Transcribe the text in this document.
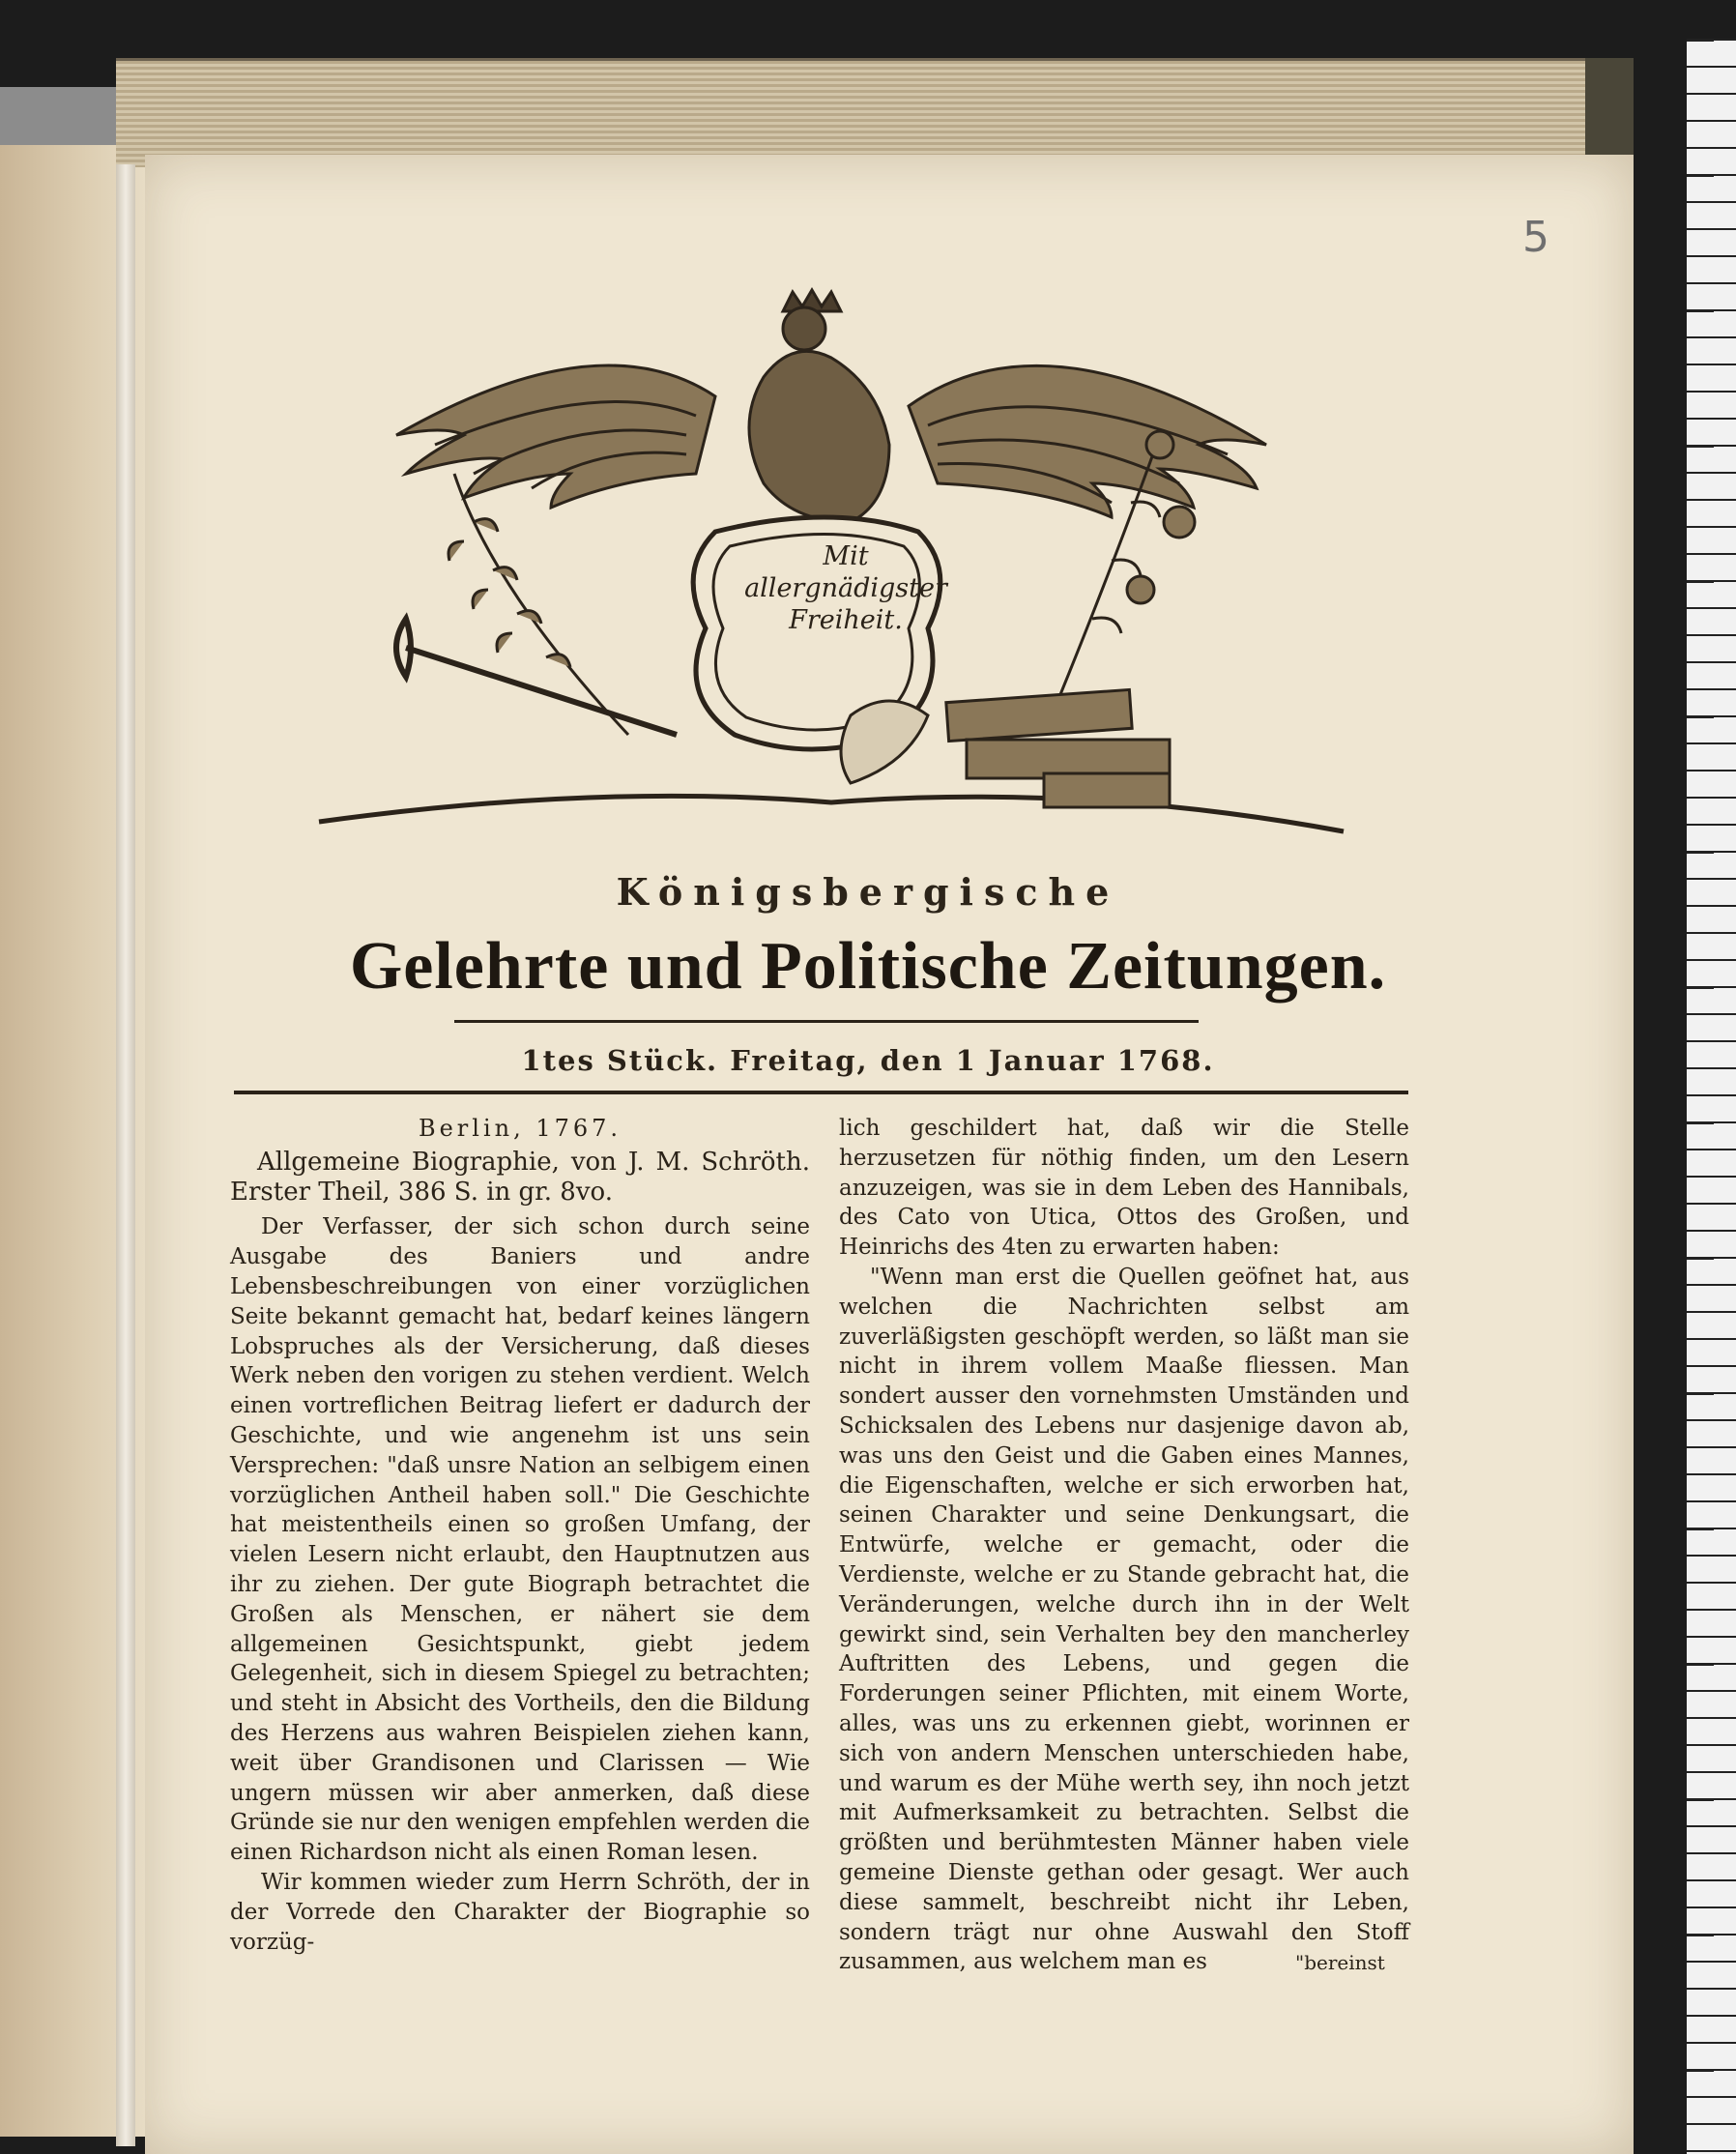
5
Mit
allergnädigster
Freiheit.
Königsbergische
Gelehrte und Politische Zeitungen.
1tes Stück. Freitag, den 1 Januar 1768.

Berlin, 1767.

Allgemeine Biographie, von J. M. Schröth. Erster Theil, 386 S. in gr. 8vo.

Der Verfasser, der sich schon durch seine Ausgabe des Baniers und andre Lebensbeschreibungen von einer vorzüglichen Seite bekannt gemacht hat, bedarf keines längern Lobspruches als der Versicherung, daß dieses Werk neben den vorigen zu stehen verdient. Welch einen vortreflichen Beitrag liefert er dadurch der Geschichte, und wie angenehm ist uns sein Versprechen: "daß unsre Nation an selbigem einen vorzüglichen Antheil haben soll." Die Geschichte hat meistentheils einen so großen Umfang, der vielen Lesern nicht erlaubt, den Hauptnutzen aus ihr zu ziehen. Der gute Biograph betrachtet die Großen als Menschen, er nähert sie dem allgemeinen Gesichtspunkt, giebt jedem Gelegenheit, sich in diesem Spiegel zu betrachten; und steht in Absicht des Vortheils, den die Bildung des Herzens aus wahren Beispielen ziehen kann, weit über Grandisonen und Clarissen — Wie ungern müssen wir aber anmerken, daß diese Gründe sie nur den wenigen empfehlen werden die einen Richardson nicht als einen Roman lesen.

Wir kommen wieder zum Herrn Schröth, der in der Vorrede den Charakter der Biographie so vorzüg-

lich geschildert hat, daß wir die Stelle herzusetzen für nöthig finden, um den Lesern anzuzeigen, was sie in dem Leben des Hannibals, des Cato von Utica, Ottos des Großen, und Heinrichs des 4ten zu erwarten haben:

"Wenn man erst die Quellen geöfnet hat, aus welchen die Nachrichten selbst am zuverläßigsten geschöpft werden, so läßt man sie nicht in ihrem vollem Maaße fliessen. Man sondert ausser den vornehmsten Umständen und Schicksalen des Lebens nur dasjenige davon ab, was uns den Geist und die Gaben eines Mannes, die Eigenschaften, welche er sich erworben hat, seinen Charakter und seine Denkungsart, die Entwürfe, welche er gemacht, oder die Verdienste, welche er zu Stande gebracht hat, die Veränderungen, welche durch ihn in der Welt gewirkt sind, sein Verhalten bey den mancherley Auftritten des Lebens, und gegen die Forderungen seiner Pflichten, mit einem Worte, alles, was uns zu erkennen giebt, worinnen er sich von andern Menschen unterschieden habe, und warum es der Mühe werth sey, ihn noch jetzt mit Aufmerksamkeit zu betrachten. Selbst die größten und berühmtesten Männer haben viele gemeine Dienste gethan oder gesagt. Wer auch diese sammelt, beschreibt nicht ihr Leben, sondern trägt nur ohne Auswahl den Stoff zusammen, aus welchem man es	"bereinst
